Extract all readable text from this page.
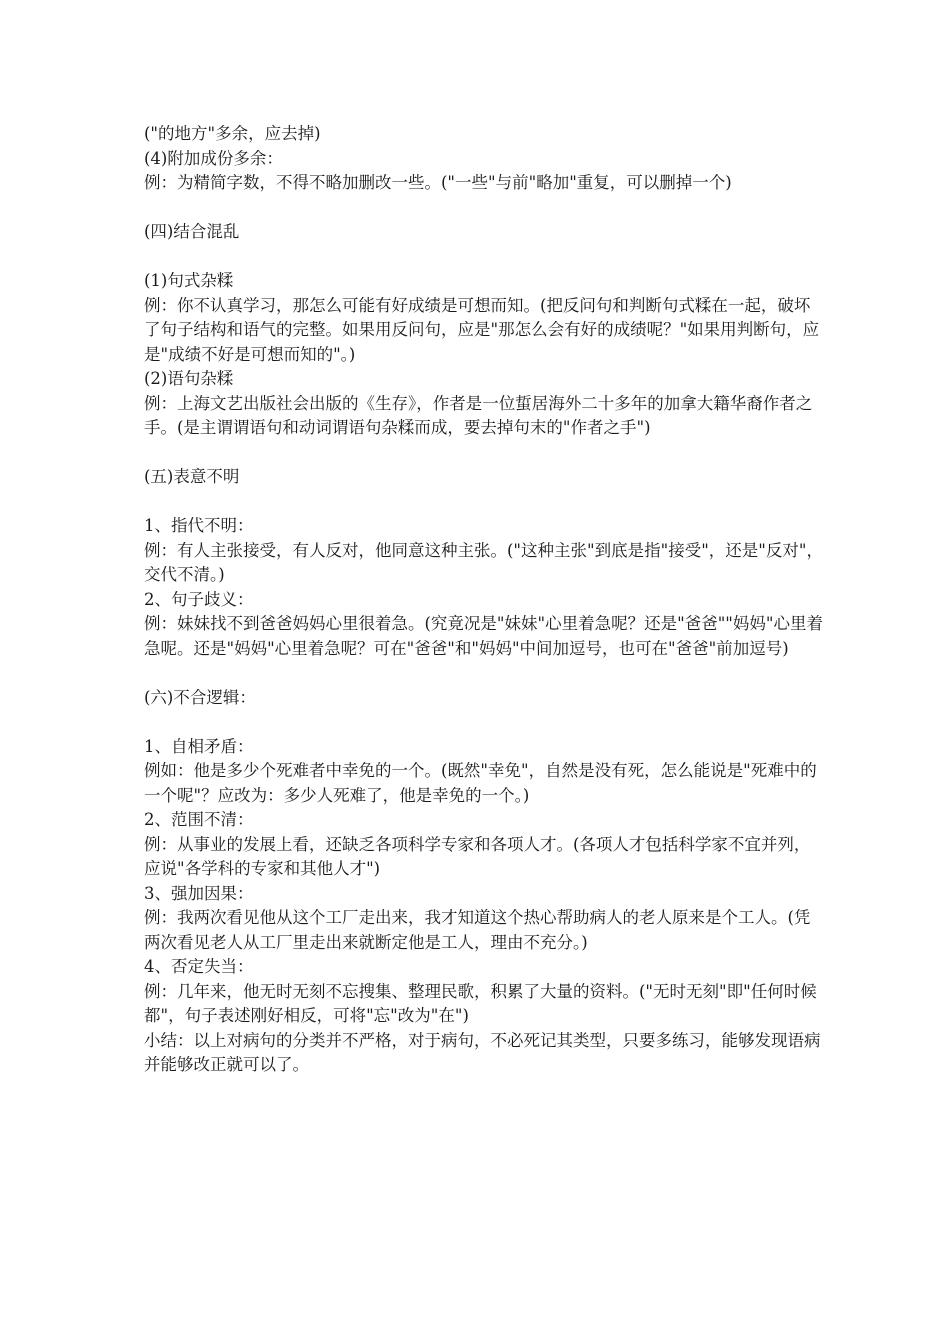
("的地方"多余，应去掉)

(4)附加成份多余：

例：为精简字数，不得不略加删改一些。("一些"与前"略加"重复，可以删掉一个)

(四)结合混乱

(1)句式杂糅

例：你不认真学习，那怎么可能有好成绩是可想而知。(把反问句和判断句式糅在一起，破坏了句子结构和语气的完整。如果用反问句，应是"那怎么会有好的成绩呢？"如果用判断句，应是"成绩不好是可想而知的"。)

(2)语句杂糅

例：上海文艺出版社会出版的《生存》，作者是一位蜇居海外二十多年的加拿大籍华裔作者之手。(是主谓谓语句和动词谓语句杂糅而成，要去掉句末的"作者之手")

(五)表意不明

1、指代不明：

例：有人主张接受，有人反对，他同意这种主张。("这种主张"到底是指"接受"，还是"反对"，交代不清。)

2、句子歧义：

例：妹妹找不到爸爸妈妈心里很着急。(究竟况是"妹妹"心里着急呢？还是"爸爸""妈妈"心里着急呢。还是"妈妈"心里着急呢？可在"爸爸"和"妈妈"中间加逗号，也可在"爸爸"前加逗号)

(六)不合逻辑：

1、自相矛盾：

例如：他是多少个死难者中幸免的一个。(既然"幸免"，自然是没有死，怎么能说是"死难中的一个呢"？应改为：多少人死难了，他是幸免的一个。)

2、范围不清：

例：从事业的发展上看，还缺乏各项科学专家和各项人才。(各项人才包括科学家不宜并列，应说"各学科的专家和其他人才")

3、强加因果：

例：我两次看见他从这个工厂走出来，我才知道这个热心帮助病人的老人原来是个工人。(凭两次看见老人从工厂里走出来就断定他是工人，理由不充分。)

4、否定失当：

例：几年来，他无时无刻不忘搜集、整理民歌，积累了大量的资料。("无时无刻"即"任何时候都"，句子表述刚好相反，可将"忘"改为"在")

小结：以上对病句的分类并不严格，对于病句，不必死记其类型，只要多练习，能够发现语病并能够改正就可以了。
